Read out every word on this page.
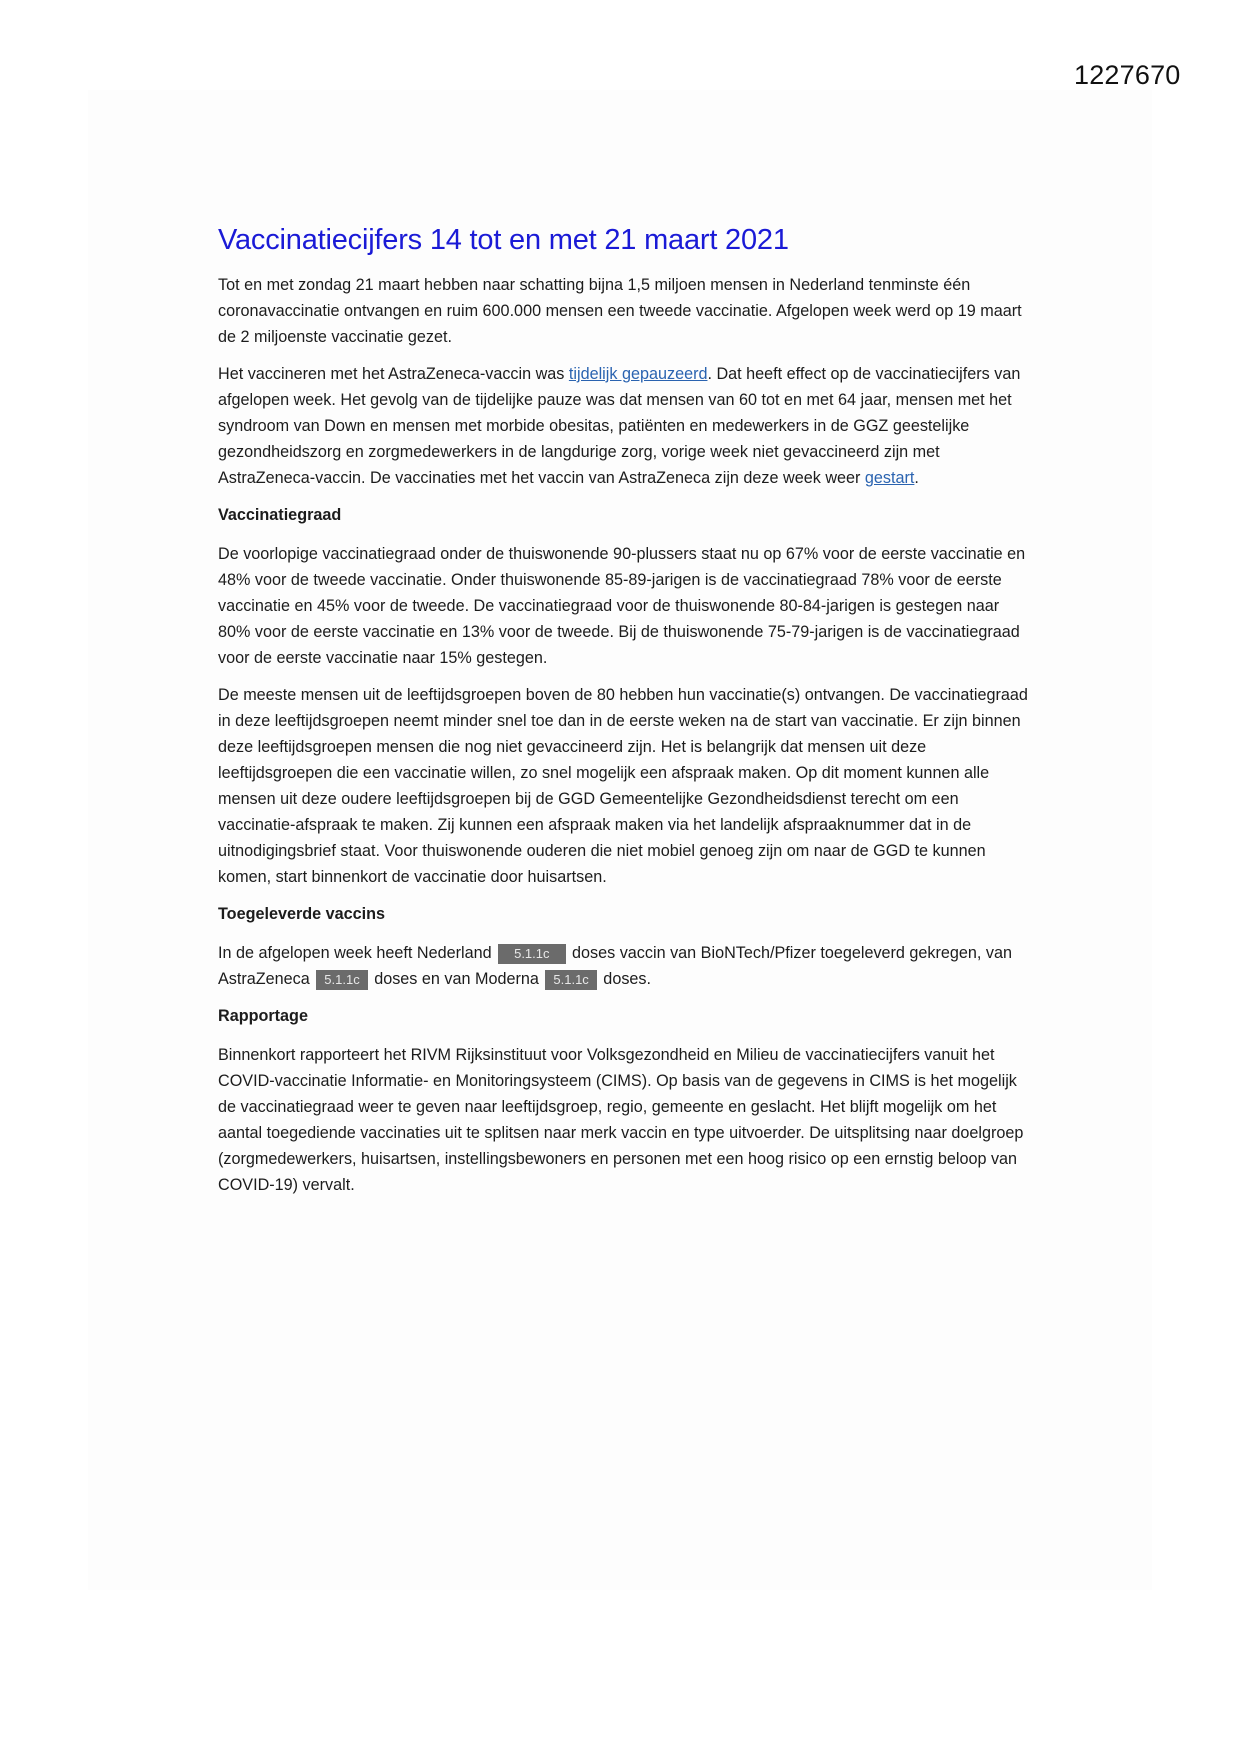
1227670
Vaccinatiecijfers 14 tot en met 21 maart 2021

Tot en met zondag 21 maart hebben naar schatting bijna 1,5 miljoen mensen in Nederland tenminste één coronavaccinatie ontvangen en ruim 600.000 mensen een tweede vaccinatie. Afgelopen week werd op 19 maart de 2 miljoenste vaccinatie gezet.

Het vaccineren met het AstraZeneca-vaccin was tijdelijk gepauzeerd. Dat heeft effect op de vaccinatiecijfers van afgelopen week. Het gevolg van de tijdelijke pauze was dat mensen van 60 tot en met 64 jaar, mensen met het syndroom van Down en mensen met morbide obesitas, patiënten en medewerkers in de GGZ geestelijke gezondheidszorg en zorgmedewerkers in de langdurige zorg, vorige week niet gevaccineerd zijn met AstraZeneca-vaccin. De vaccinaties met het vaccin van AstraZeneca zijn deze week weer gestart.

Vaccinatiegraad

De voorlopige vaccinatiegraad onder de thuiswonende 90-plussers staat nu op 67% voor de eerste vaccinatie en 48% voor de tweede vaccinatie. Onder thuiswonende 85-89-jarigen is de vaccinatiegraad 78% voor de eerste vaccinatie en 45% voor de tweede. De vaccinatiegraad voor de thuiswonende 80-84-jarigen is gestegen naar 80% voor de eerste vaccinatie en 13% voor de tweede. Bij de thuiswonende 75-79-jarigen is de vaccinatiegraad voor de eerste vaccinatie naar 15% gestegen.

De meeste mensen uit de leeftijdsgroepen boven de 80 hebben hun vaccinatie(s) ontvangen. De vaccinatiegraad in deze leeftijdsgroepen neemt minder snel toe dan in de eerste weken na de start van vaccinatie. Er zijn binnen deze leeftijdsgroepen mensen die nog niet gevaccineerd zijn. Het is belangrijk dat mensen uit deze leeftijdsgroepen die een vaccinatie willen, zo snel mogelijk een afspraak maken. Op dit moment kunnen alle mensen uit deze oudere leeftijdsgroepen bij de GGD Gemeentelijke Gezondheidsdienst terecht om een vaccinatie-afspraak te maken. Zij kunnen een afspraak maken via het landelijk afspraaknummer dat in de uitnodigingsbrief staat. Voor thuiswonende ouderen die niet mobiel genoeg zijn om naar de GGD te kunnen komen, start binnenkort de vaccinatie door huisartsen.

Toegeleverde vaccins

In de afgelopen week heeft Nederland 5.1.1c doses vaccin van BioNTech/Pfizer toegeleverd gekregen, van AstraZeneca 5.1.1c doses en van Moderna 5.1.1c doses.

Rapportage

Binnenkort rapporteert het RIVM Rijksinstituut voor Volksgezondheid en Milieu de vaccinatiecijfers vanuit het COVID-vaccinatie Informatie- en Monitoringsysteem (CIMS). Op basis van de gegevens in CIMS is het mogelijk de vaccinatiegraad weer te geven naar leeftijdsgroep, regio, gemeente en geslacht. Het blijft mogelijk om het aantal toegediende vaccinaties uit te splitsen naar merk vaccin en type uitvoerder. De uitsplitsing naar doelgroep (zorgmedewerkers, huisartsen, instellingsbewoners en personen met een hoog risico op een ernstig beloop van COVID-19) vervalt.
